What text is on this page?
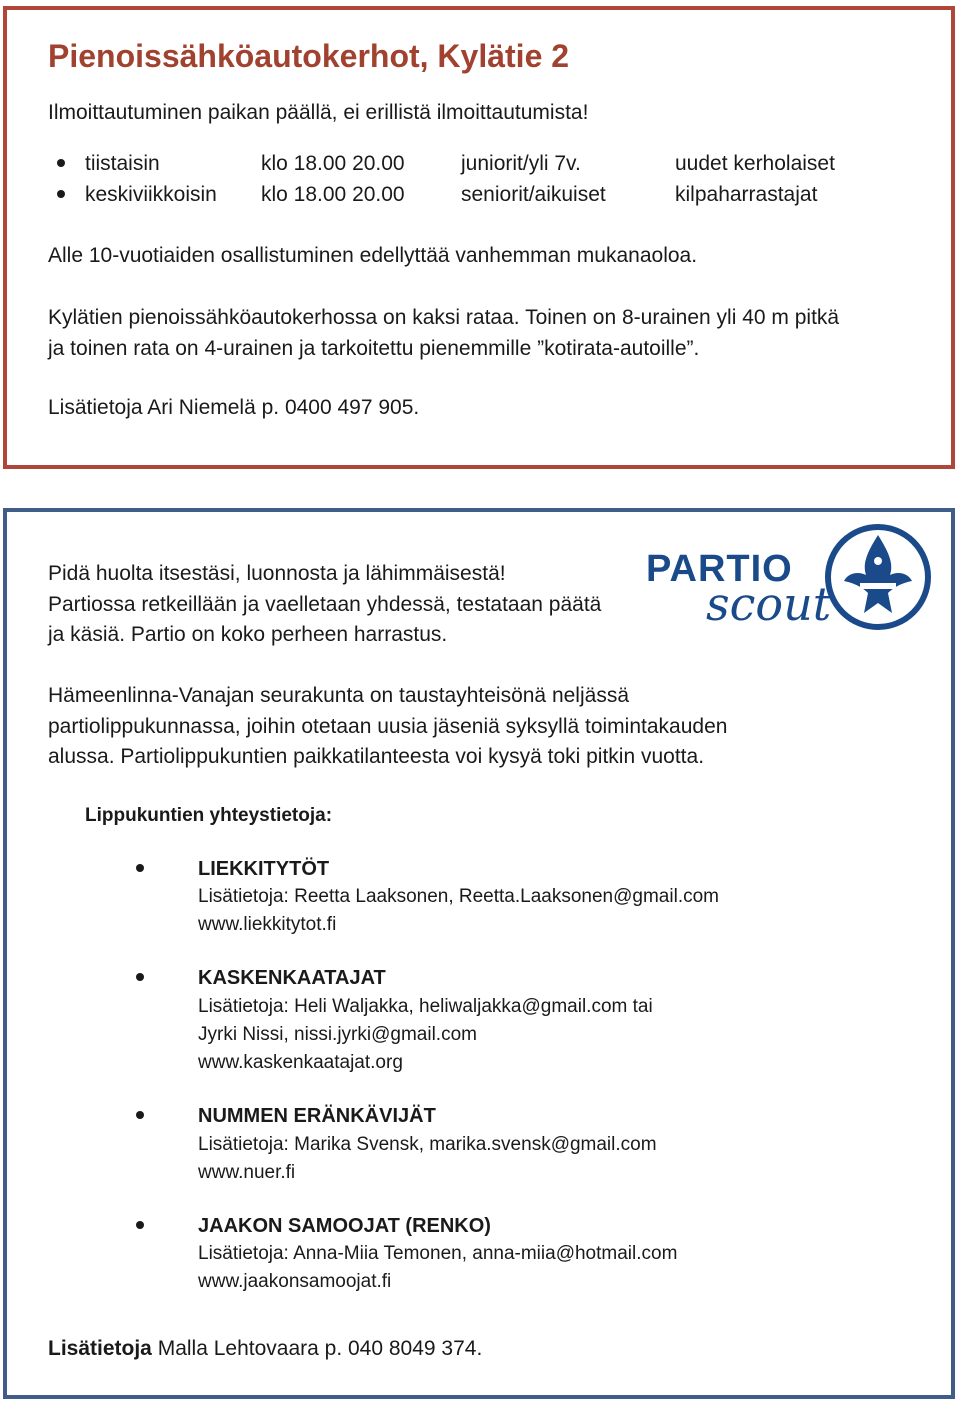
Pienoissähköautokerhot, Kylätie 2
Ilmoittautuminen paikan päällä, ei erillistä ilmoittautumista!
tiistaisin	klo 18.00 20.00	juniorit/yli 7v.	uudet kerholaiset
keskiviikkoisin klo 18.00 20.00	seniorit/aikuiset	kilpaharrastajat
Alle 10-vuotiaiden osallistuminen edellyttää vanhemman mukanaoloa.
Kylätien pienoissähköautokerhossa on kaksi rataa. Toinen on 8-urainen yli 40 m pitkä
ja toinen rata on 4-urainen ja tarkoitettu pienemmille ”kotirata-autoille”.
Lisätietoja Ari Niemelä p. 0400 497 905.
Pidä huolta itsestäsi, luonnosta ja lähimmäisestä!
Partiossa retkeillään ja vaelletaan yhdessä, testataan päätä
ja käsiä. Partio on koko perheen harrastus.
PARTIO
scout
Hämeenlinna-Vanajan seurakunta on taustayhteisönä neljässä
partiolippukunnassa, joihin otetaan uusia jäseniä syksyllä toimintakauden
alussa. Partiolippukuntien paikkatilanteesta voi kysyä toki pitkin vuotta.
Lippukuntien yhteystietoja:
LIEKKITYTÖT
Lisätietoja: Reetta Laaksonen, Reetta.Laaksonen@gmail.com
www.liekkitytot.fi
KASKENKAATAJAT
Lisätietoja: Heli Waljakka, heliwaljakka@gmail.com tai
Jyrki Nissi, nissi.jyrki@gmail.com
www.kaskenkaatajat.org
NUMMEN ERÄNKÄVIJÄT
Lisätietoja: Marika Svensk, marika.svensk@gmail.com
www.nuer.fi
JAAKON SAMOOJAT (RENKO)
Lisätietoja: Anna-Miia Temonen, anna-miia@hotmail.com
www.jaakonsamoojat.fi
Lisätietoja Malla Lehtovaara p. 040 8049 374.
